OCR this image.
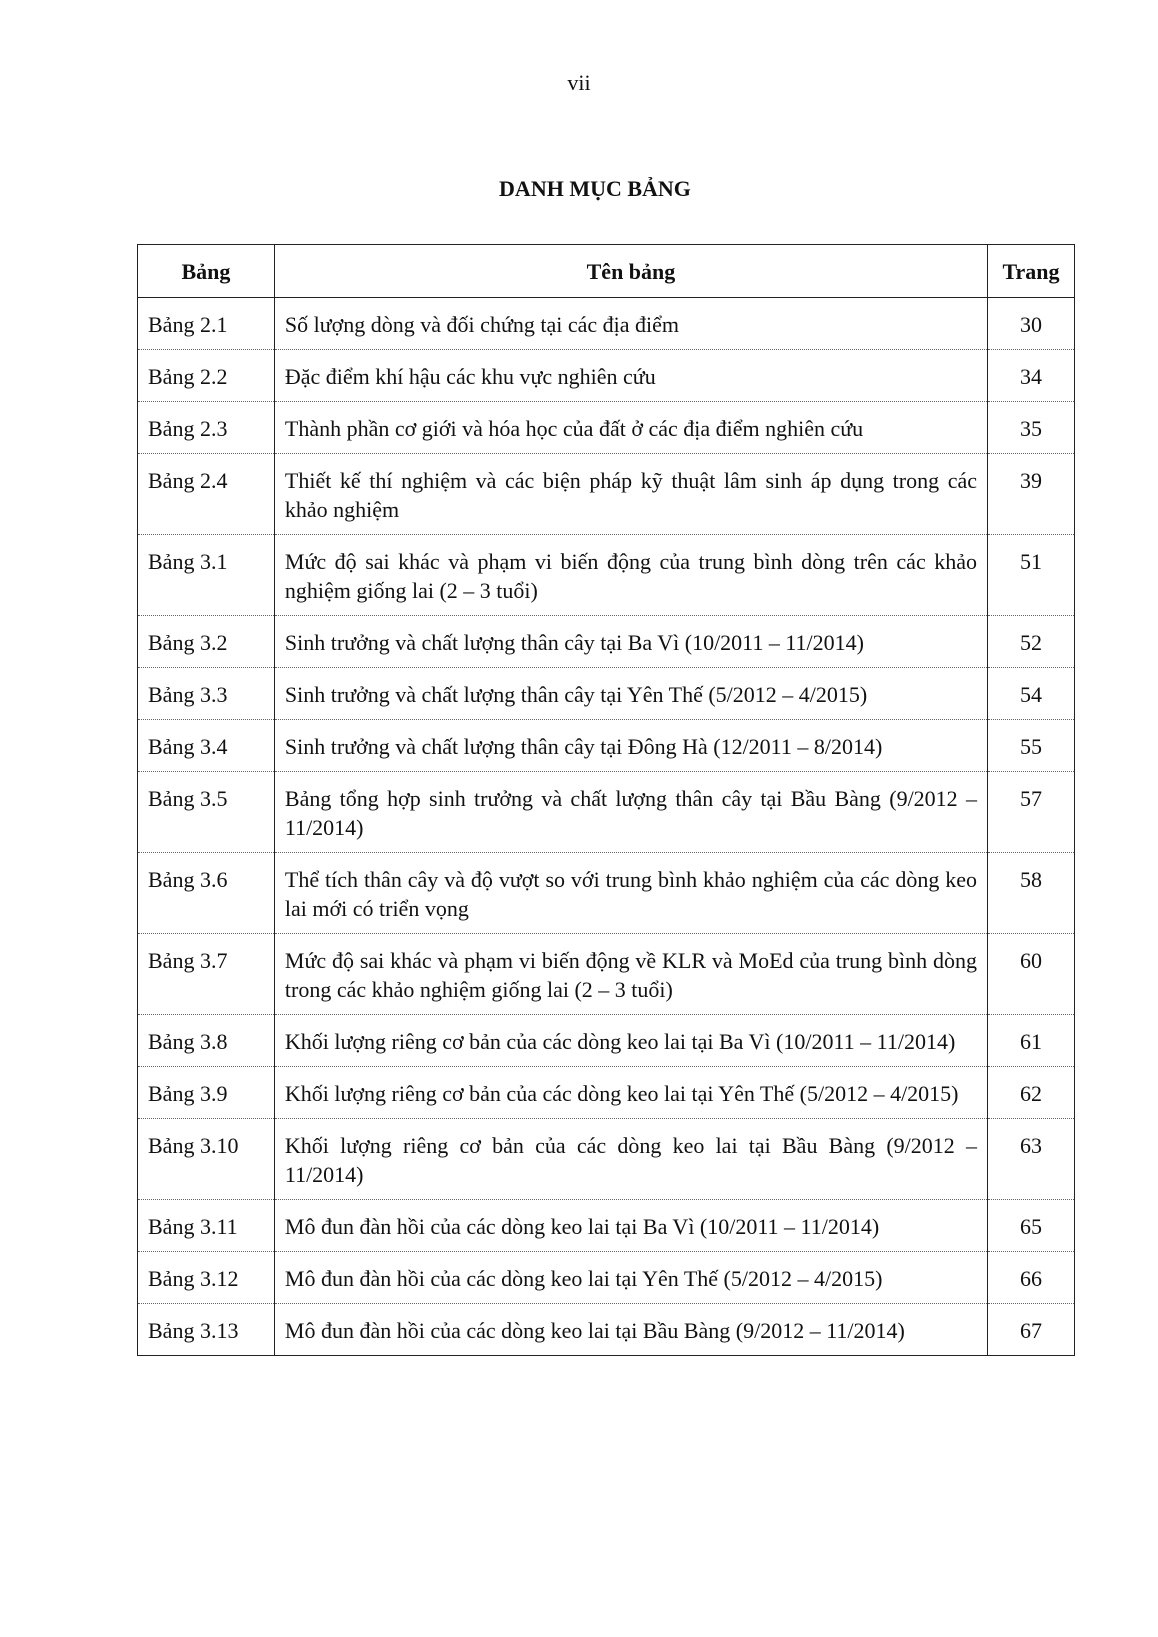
vii
DANH MỤC BẢNG
Bảng	Tên bảng	Trang
Bảng 2.1	Số lượng dòng và đối chứng tại các địa điểm	30
Bảng 2.2	Đặc điểm khí hậu các khu vực nghiên cứu	34
Bảng 2.3	Thành phần cơ giới và hóa học của đất ở các địa điểm nghiên cứu	35
Bảng 2.4	Thiết kế thí nghiệm và các biện pháp kỹ thuật lâm sinh áp dụng trong các khảo nghiệm	39
Bảng 3.1	Mức độ sai khác và phạm vi biến động của trung bình dòng trên các khảo nghiệm giống lai (2 – 3 tuổi)	51
Bảng 3.2	Sinh trưởng và chất lượng thân cây tại Ba Vì (10/2011 – 11/2014)	52
Bảng 3.3	Sinh trưởng và chất lượng thân cây tại Yên Thế (5/2012 – 4/2015)	54
Bảng 3.4	Sinh trưởng và chất lượng thân cây tại Đông Hà (12/2011 – 8/2014)	55
Bảng 3.5	Bảng tổng hợp sinh trưởng và chất lượng thân cây tại Bầu Bàng (9/2012 – 11/2014)	57
Bảng 3.6	Thể tích thân cây và độ vượt so với trung bình khảo nghiệm của các dòng keo lai mới có triển vọng	58
Bảng 3.7	Mức độ sai khác và phạm vi biến động về KLR và MoEd của trung bình dòng trong các khảo nghiệm giống lai (2 – 3 tuổi)	60
Bảng 3.8	Khối lượng riêng cơ bản của các dòng keo lai tại Ba Vì (10/2011 – 11/2014)	61
Bảng 3.9	Khối lượng riêng cơ bản của các dòng keo lai tại Yên Thế (5/2012 – 4/2015)	62
Bảng 3.10	Khối lượng riêng cơ bản của các dòng keo lai tại Bầu Bàng (9/2012 – 11/2014)	63
Bảng 3.11	Mô đun đàn hồi của các dòng keo lai tại Ba Vì (10/2011 – 11/2014)	65
Bảng 3.12	Mô đun đàn hồi của các dòng keo lai tại Yên Thế (5/2012 – 4/2015)	66
Bảng 3.13	Mô đun đàn hồi của các dòng keo lai tại Bầu Bàng (9/2012 – 11/2014)	67
